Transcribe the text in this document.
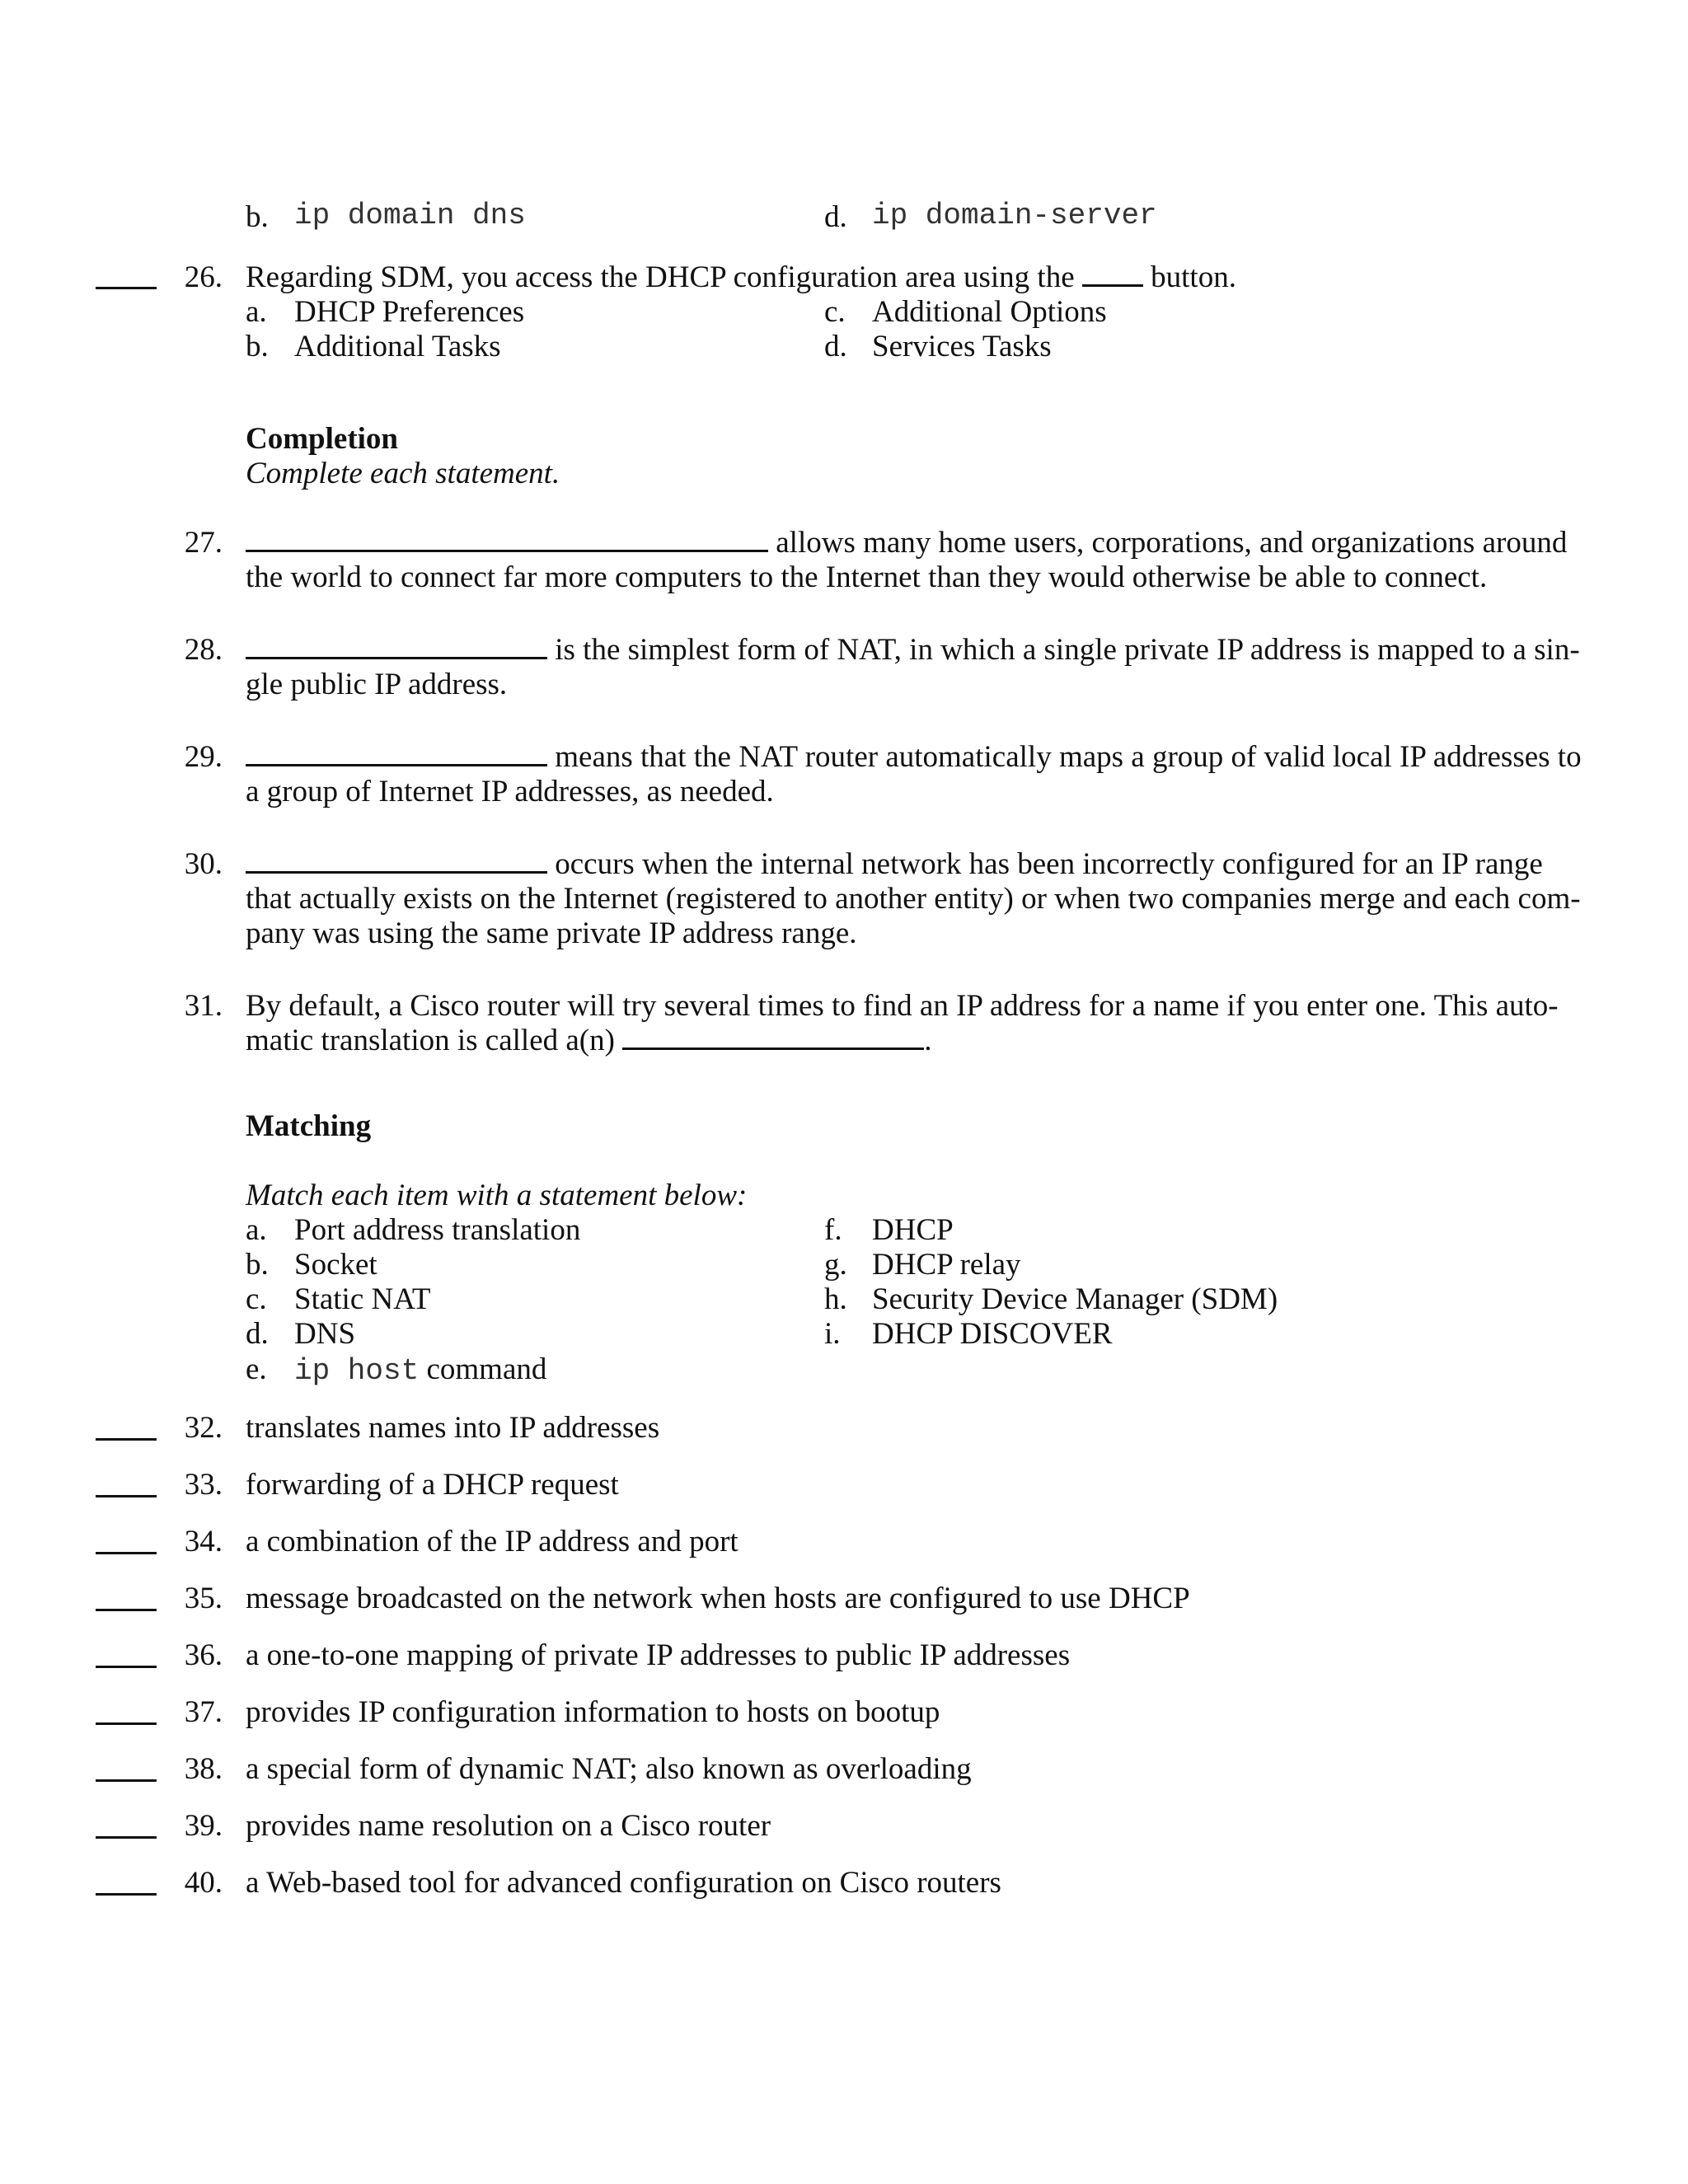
b. ip domain dns	d. ip domain-server
26. Regarding SDM, you access the DHCP configuration area using the	button.
a. DHCP Preferences	c. Additional Options
b. Additional Tasks	d. Services Tasks
Completion
Complete each statement.
27.	allows many home users, corporations, and organizations around
the world to connect far more computers to the Internet than they would otherwise be able to connect.
28.	is the simplest form of NAT, in which a single private IP address is mapped to a sin-
gle public IP address.
29.	means that the NAT router automatically maps a group of valid local IP addresses to
a group of Internet IP addresses, as needed.
30.	occurs when the internal network has been incorrectly configured for an IP range
that actually exists on the Internet (registered to another entity) or when two companies merge and each com-
pany was using the same private IP address range.
31. By default, a Cisco router will try several times to find an IP address for a name if you enter one. This auto-
matic translation is called a(n)	.
Matching
Match each item with a statement below:
a. Port address translation
b. Socket
c. Static NAT
d. DNS
e. ip host command
f. DHCP
g. DHCP relay
h. Security Device Manager (SDM)
i. DHCP DISCOVER
32. translates names into IP addresses
33. forwarding of a DHCP request
34. a combination of the IP address and port
35. message broadcasted on the network when hosts are configured to use DHCP
36. a one-to-one mapping of private IP addresses to public IP addresses
37. provides IP configuration information to hosts on bootup
38. a special form of dynamic NAT; also known as overloading
39. provides name resolution on a Cisco router
40. a Web-based tool for advanced configuration on Cisco routers
